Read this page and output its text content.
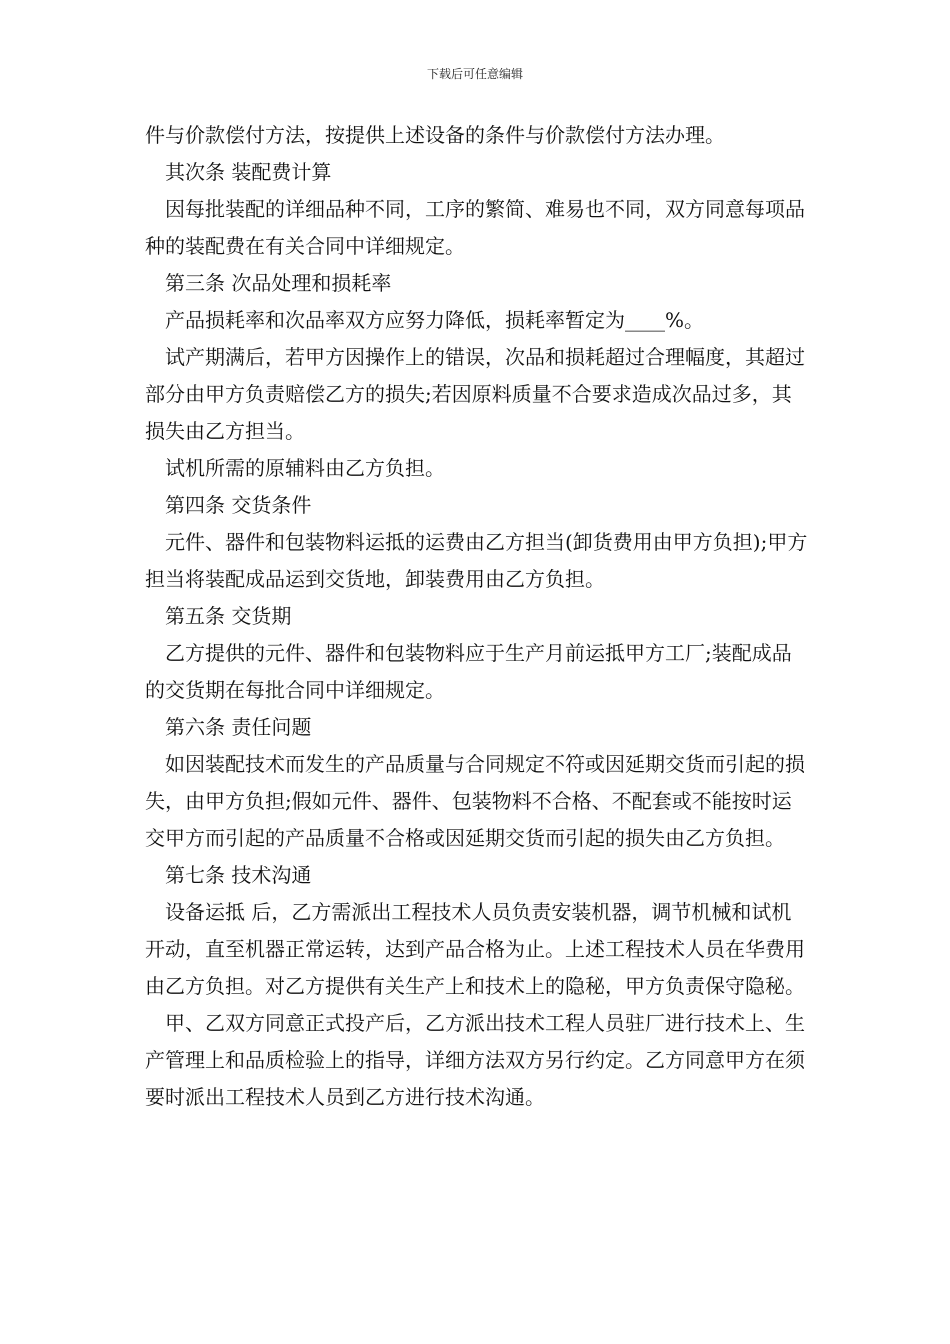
下载后可任意编辑

件与价款偿付方法，按提供上述设备的条件与价款偿付方法办理。

其次条 装配费计算

因每批装配的详细品种不同，工序的繁简、难易也不同，双方同意每项品种的装配费在有关合同中详细规定。

第三条 次品处理和损耗率

产品损耗率和次品率双方应努力降低，损耗率暂定为____%。

试产期满后，若甲方因操作上的错误，次品和损耗超过合理幅度，其超过部分由甲方负责赔偿乙方的损失;若因原料质量不合要求造成次品过多，其损失由乙方担当。

试机所需的原辅料由乙方负担。

第四条 交货条件

元件、器件和包装物料运抵的运费由乙方担当(卸货费用由甲方负担);甲方担当将装配成品运到交货地，卸装费用由乙方负担。

第五条 交货期

乙方提供的元件、器件和包装物料应于生产月前运抵甲方工厂;装配成品的交货期在每批合同中详细规定。

第六条 责任问题

如因装配技术而发生的产品质量与合同规定不符或因延期交货而引起的损失，由甲方负担;假如元件、器件、包装物料不合格、不配套或不能按时运交甲方而引起的产品质量不合格或因延期交货而引起的损失由乙方负担。

第七条 技术沟通

设备运抵 后，乙方需派出工程技术人员负责安装机器，调节机械和试机开动，直至机器正常运转，达到产品合格为止。上述工程技术人员在华费用由乙方负担。对乙方提供有关生产上和技术上的隐秘，甲方负责保守隐秘。

甲、乙双方同意正式投产后，乙方派出技术工程人员驻厂进行技术上、生产管理上和品质检验上的指导，详细方法双方另行约定。乙方同意甲方在须要时派出工程技术人员到乙方进行技术沟通。
